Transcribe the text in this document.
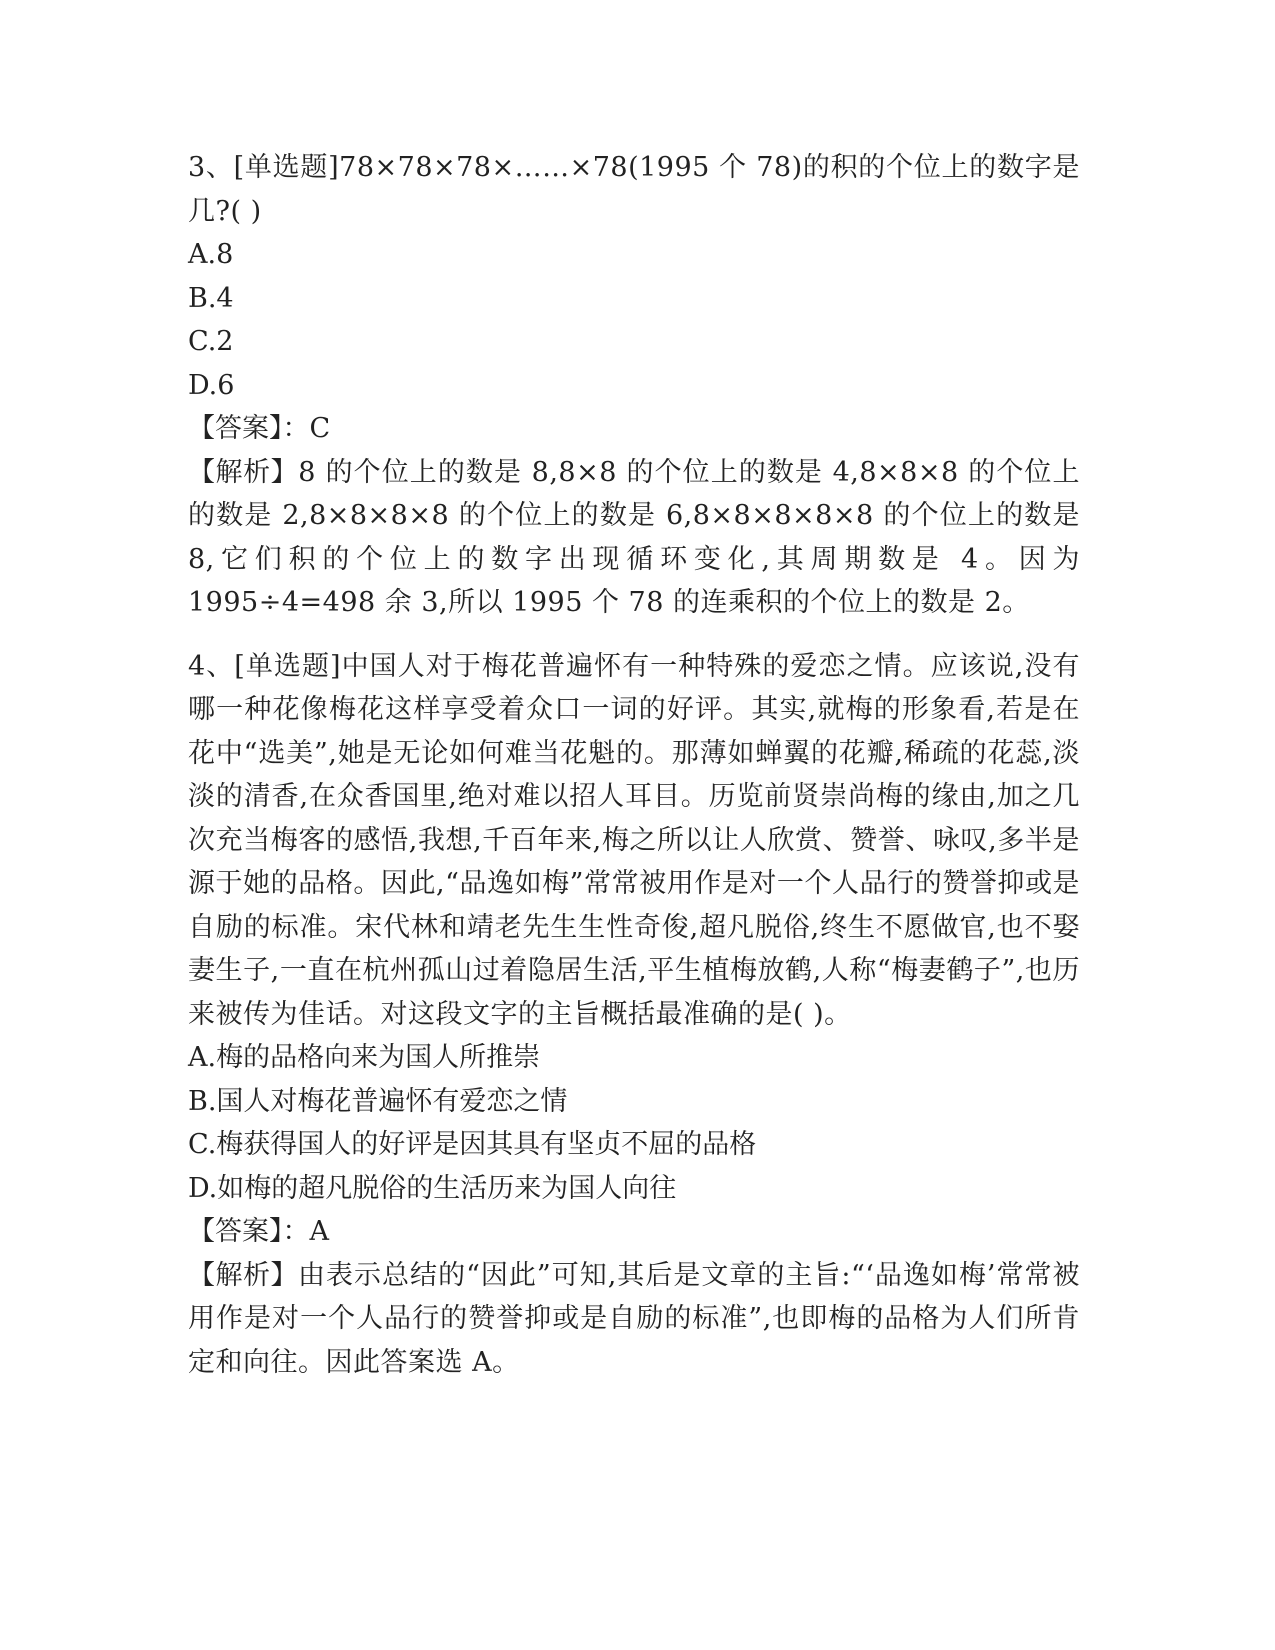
3、[单选题]78×78×78×……×78(1995 个 78)的积的个位上的数字是几?( )

A.8

B.4

C.2

D.6

【答案】：C

【解析】8 的个位上的数是 8,8×8 的个位上的数是 4,8×8×8 的个位上的数是 2,8×8×8×8 的个位上的数是 6,8×8×8×8×8 的个位上的数是 8,它们积的个位上的数字出现循环变化,其周期数是 4。因为 1995÷4=498 余 3,所以 1995 个 78 的连乘积的个位上的数是 2。

4、[单选题]中国人对于梅花普遍怀有一种特殊的爱恋之情。应该说,没有哪一种花像梅花这样享受着众口一词的好评。其实,就梅的形象看,若是在花中“选美”,她是无论如何难当花魁的。那薄如蝉翼的花瓣,稀疏的花蕊,淡淡的清香,在众香国里,绝对难以招人耳目。历览前贤崇尚梅的缘由,加之几次充当梅客的感悟,我想,千百年来,梅之所以让人欣赏、赞誉、咏叹,多半是源于她的品格。因此,“品逸如梅”常常被用作是对一个人品行的赞誉抑或是自励的标准。宋代林和靖老先生生性奇俊,超凡脱俗,终生不愿做官,也不娶妻生子,一直在杭州孤山过着隐居生活,平生植梅放鹤,人称“梅妻鹤子”,也历来被传为佳话。对这段文字的主旨概括最准确的是( )。

A.梅的品格向来为国人所推崇

B.国人对梅花普遍怀有爱恋之情

C.梅获得国人的好评是因其具有坚贞不屈的品格

D.如梅的超凡脱俗的生活历来为国人向往

【答案】：A

【解析】由表示总结的“因此”可知,其后是文章的主旨:“‘品逸如梅’常常被用作是对一个人品行的赞誉抑或是自励的标准”,也即梅的品格为人们所肯定和向往。因此答案选 A。
